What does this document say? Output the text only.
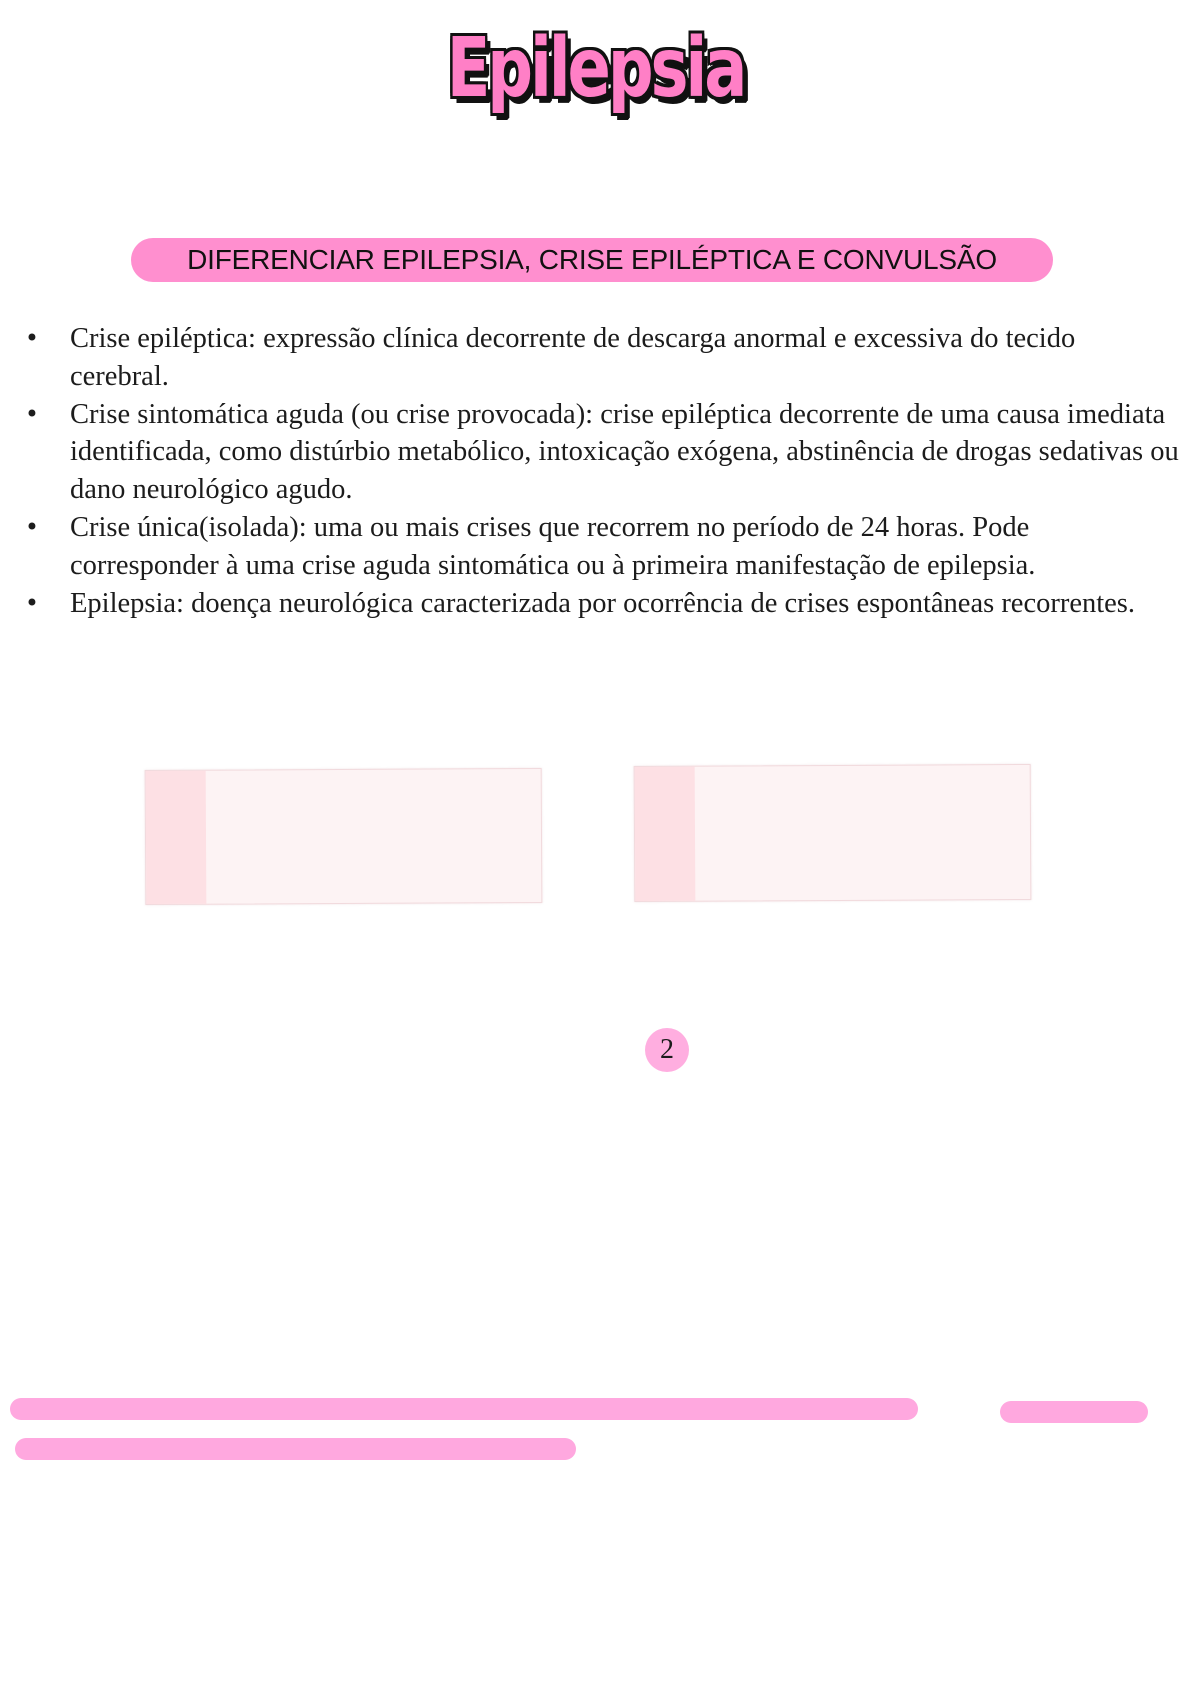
Epilepsia
DIFERENCIAR EPILEPSIA, CRISE EPILÉPTICA E CONVULSÃO
• Crise epiléptica: expressão clínica decorrente de descarga anormal e excessiva do tecido cerebral.
• Crise sintomática aguda (ou crise provocada): crise epiléptica decorrente de uma causa imediata identificada, como distúrbio metabólico, intoxicação exógena, abstinência de drogas sedativas ou dano neurológico agudo.
• Crise única(isolada): uma ou mais crises que recorrem no período de 24 horas. Pode corresponder à uma crise aguda sintomática ou à primeira manifestação de epilepsia.
• Epilepsia: doença neurológica caracterizada por ocorrência de crises espontâneas recorrentes.
2
